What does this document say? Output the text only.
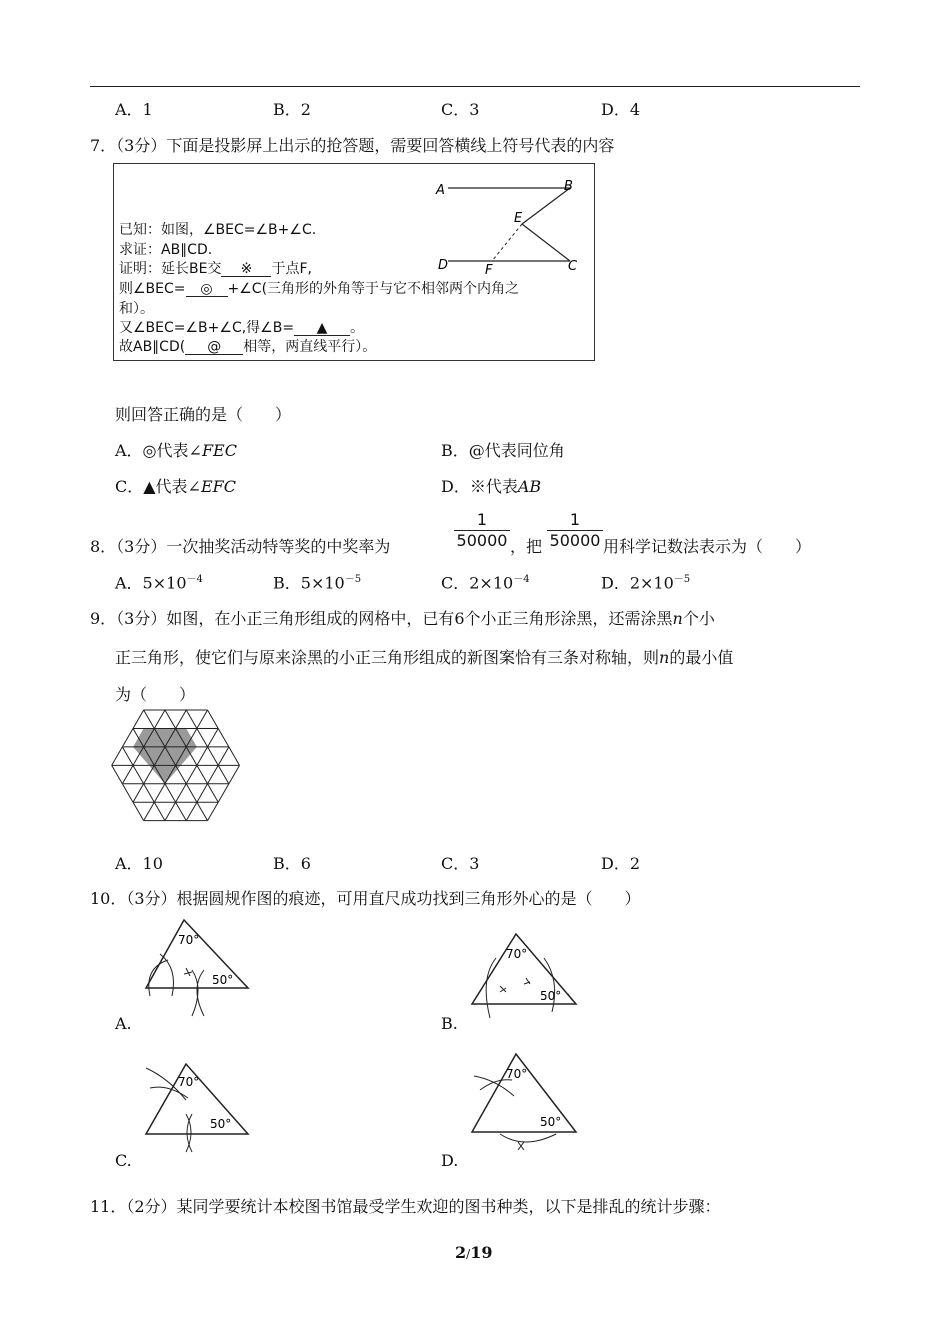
A．1	B．2	C．3	D．4
7．（3分）下面是投影屏上出示的抢答题，需要回答横线上符号代表的内容
已知：如图，∠BEC=∠B+∠C.
求证：AB∥CD.
证明：延长BE交 ※ 于点F,
则∠BEC= ◎ +∠C(三角形的外角等于与它不相邻两个内角之
和）。
又∠BEC=∠B+∠C,得∠B= ▲ 。
故AB∥CD( @ 相等，两直线平行）。
A	B
E
D	F	C
则回答正确的是（　　）
A．◎代表∠FEC	B．@代表同位角
C．▲代表∠EFC	D．※代表AB
8．（3分）一次抽奖活动特等奖的中奖率为
1
50000 ，把
1
50000 用科学记数法表示为（　　）
A．$5\times 10^{-4}$	B．$5\times 10^{-5}$	C．$2\times 10^{-4}$	D．$2\times 10^{-5}$
9．（3分）如图，在小正三角形组成的网格中，已有6个小正三角形涂黑，还需涂黑n个小
正三角形，使它们与原来涂黑的小正三角形组成的新图案恰有三条对称轴，则n的最小值
为（　　）
A．10	B．6	C．3	D．2
10．（3分）根据圆规作图的痕迹，可用直尺成功找到三角形外心的是（　　）
70°
50°
A.
70°
50°
B.
70°
50°
C.
70°
50°
D.
11．（2分）某同学要统计本校图书馆最受学生欢迎的图书种类，以下是排乱的统计步骤：
2/19
